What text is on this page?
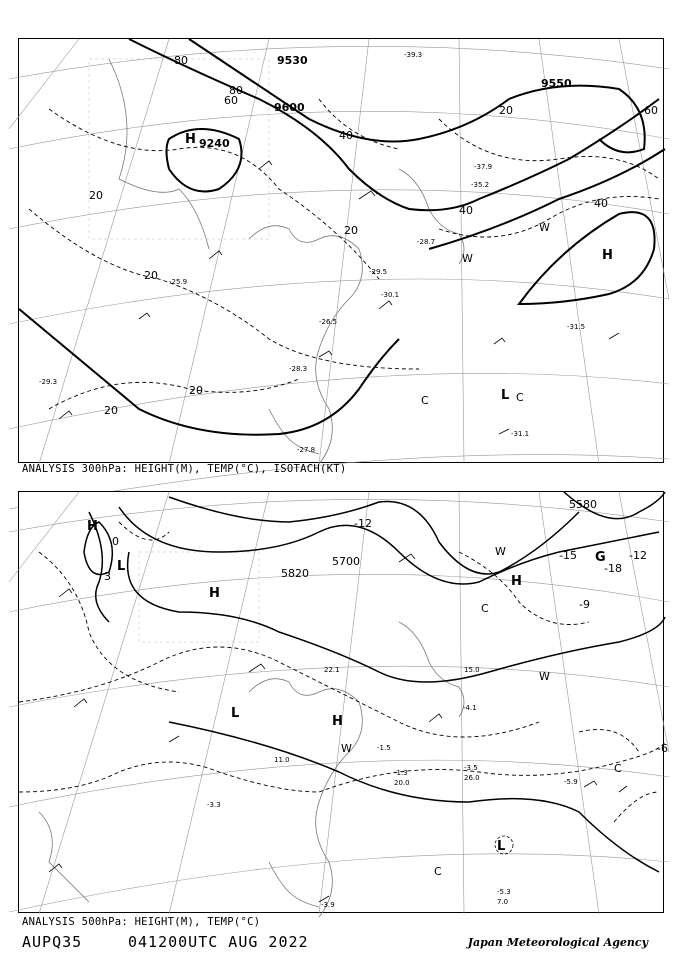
20
20
20
20
20
20
40
40
40
60
60
80
80
9240
9600
9530
9550
H
H
L
W
C	C
W
-30.1
-31.1
-31.5
-28.3
-29.3
-27.8
-26.5
-25.9
-37.9
-35.2
-28.7
-29.5
-39.3
ANALYSIS 300hPa: HEIGHT(M), TEMP(°C), ISOTACH(KT)
5580
5700
5820
-6
-9
-12
-12
-15
-18
0
3
H
L
H
H
H
L
G
L
W
C
W
W
C
C
-3.5
-5.3
-5.9
-1.3
-3.9
-3.3
-4.1
-1.5
15.0
26.0
7.0
20.0
22.1
11.0
ANALYSIS 500hPa: HEIGHT(M), TEMP(°C)
AUPQ35	041200UTC AUG 2022	Japan Meteorological Agency
